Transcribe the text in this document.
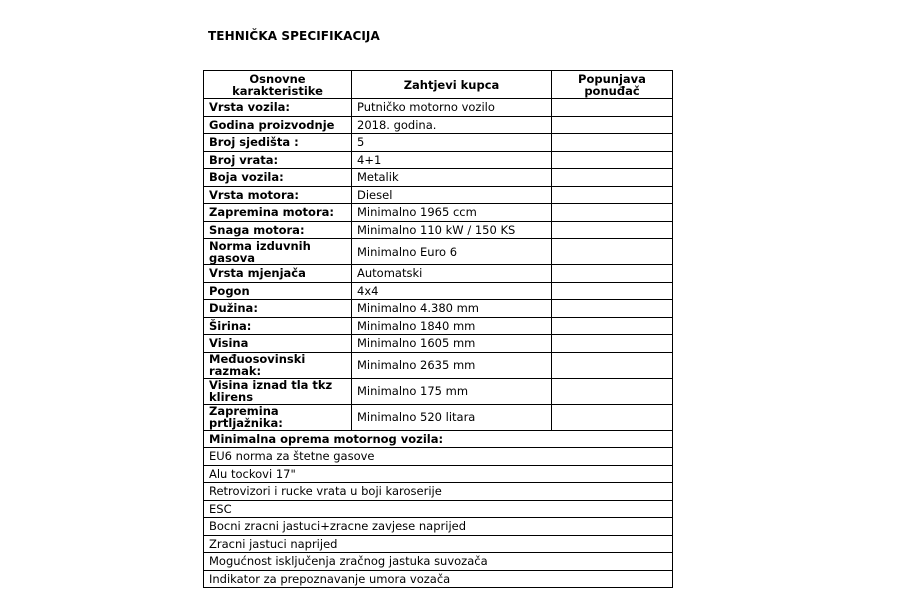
TEHNIČKA SPECIFIKACIJA
Osnovne karakteristike	Zahtjevi kupca	Popunjava ponuđač
Vrsta vozila:	Putničko motorno vozilo	
Godina proizvodnje	2018. godina.	
Broj sjedišta :	5	
Broj vrata:	4+1	
Boja vozila:	Metalik	
Vrsta motora:	Diesel	
Zapremina motora:	Minimalno 1965 ccm	
Snaga motora:	Minimalno 110 kW / 150 KS	
Norma izduvnih gasova	Minimalno Euro 6	
Vrsta mjenjača	Automatski	
Pogon	4x4	
Dužina:	Minimalno 4.380 mm	
Širina:	Minimalno 1840 mm	
Visina	Minimalno 1605 mm	
Međuosovinski razmak:	Minimalno 2635 mm	
Visina iznad tla tkz klirens	Minimalno 175 mm	
Zapremina prtljažnika:	Minimalno 520 litara	
Minimalna oprema motornog vozila:		
EU6 norma za štetne gasove		
Alu tockovi 17"		
Retrovizori i rucke vrata u boji karoserije		
ESC		
Bocni zracni jastuci+zracne zavjese naprijed		
Zracni jastuci naprijed		
Mogućnost isključenja zračnog jastuka suvozača		
Indikator za prepoznavanje umora vozača		
